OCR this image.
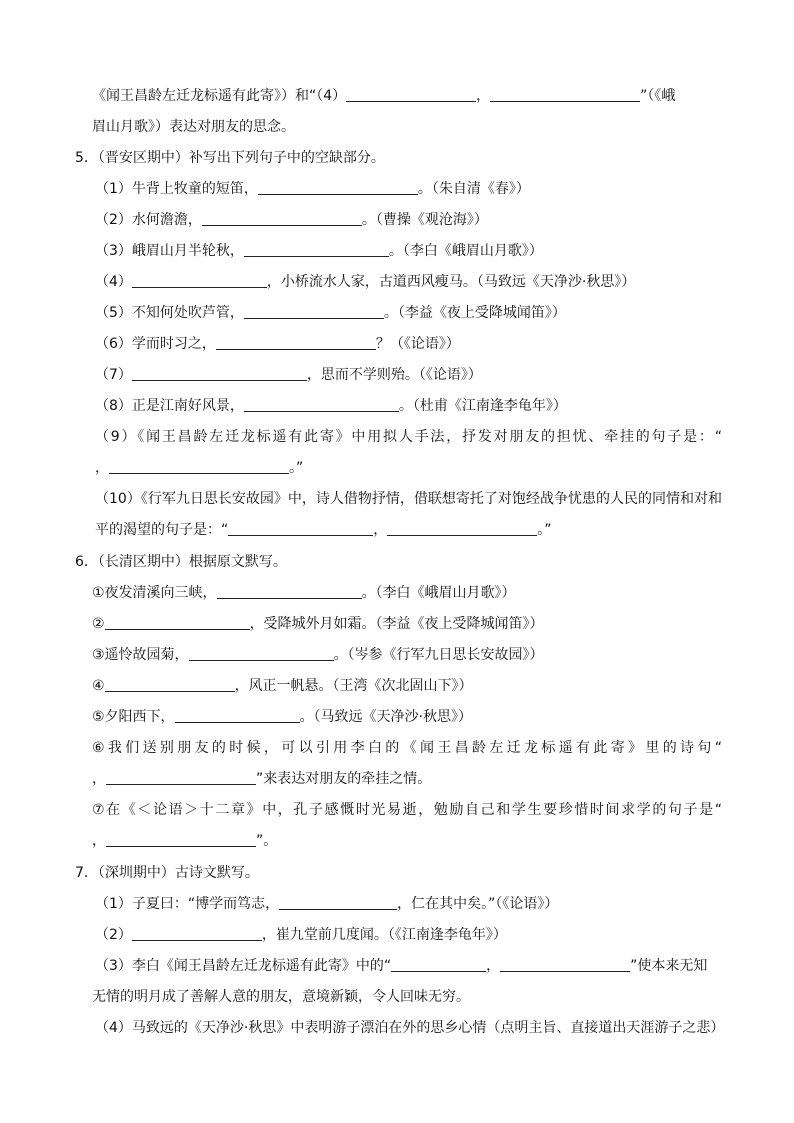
《闻王昌龄左迁龙标遥有此寄》）和“（4）	，	”（《峨
眉山月歌》）表达对朋友的思念。
5．（晋安区期中）补写出下列句子中的空缺部分。
（1）牛背上牧童的短笛，	。（朱自清《春》）
（2）水何澹澹，	。（曹操《观沧海》）
（3）峨眉山月半轮秋，	。（李白《峨眉山月歌》）
（4）	，小桥流水人家，古道西风瘦马。（马致远《天净沙·秋思》）
（5）不知何处吹芦管，	。（李益《夜上受降城闻笛》）
（6）学而时习之，	？（《论语》）
（7）	，思而不学则殆。（《论语》）
（8）正是江南好风景，	。（杜甫《江南逢李龟年》）
（9）《闻王昌龄左迁龙标遥有此寄》中用拟人手法，抒发对朋友的担忧、牵挂的句子是：“
，	。”
（10）《行军九日思长安故园》中，诗人借物抒情，借联想寄托了对饱经战争忧患的人民的同情和对和
平的渴望的句子是：“	，	。”
6．（长清区期中）根据原文默写。
①夜发清溪向三峡，	。（李白《峨眉山月歌》）
②	，受降城外月如霜。（李益《夜上受降城闻笛》）
③遥怜故园菊，	。（岑参《行军九日思长安故园》）
④	，风正一帆悬。（王湾《次北固山下》）
⑤夕阳西下，	。（马致远《天净沙·秋思》）
⑥我们送别朋友的时候，可以引用李白的《闻王昌龄左迁龙标遥有此寄》里的诗句“
，	”来表达对朋友的牵挂之情。
⑦在《＜论语＞十二章》中，孔子感慨时光易逝，勉励自己和学生要珍惜时间求学的句子是“
，	”。
7．（深圳期中）古诗文默写。
（1）子夏曰：“博学而笃志，	，仁在其中矣。”（《论语》）
（2）	，崔九堂前几度闻。（《江南逢李龟年》）
（3）李白《闻王昌龄左迁龙标遥有此寄》中的“	，	”使本来无知
无情的明月成了善解人意的朋友，意境新颖，令人回味无穷。
（4）马致远的《天净沙·秋思》中表明游子漂泊在外的思乡心情（点明主旨、直接道出天涯游子之悲）
